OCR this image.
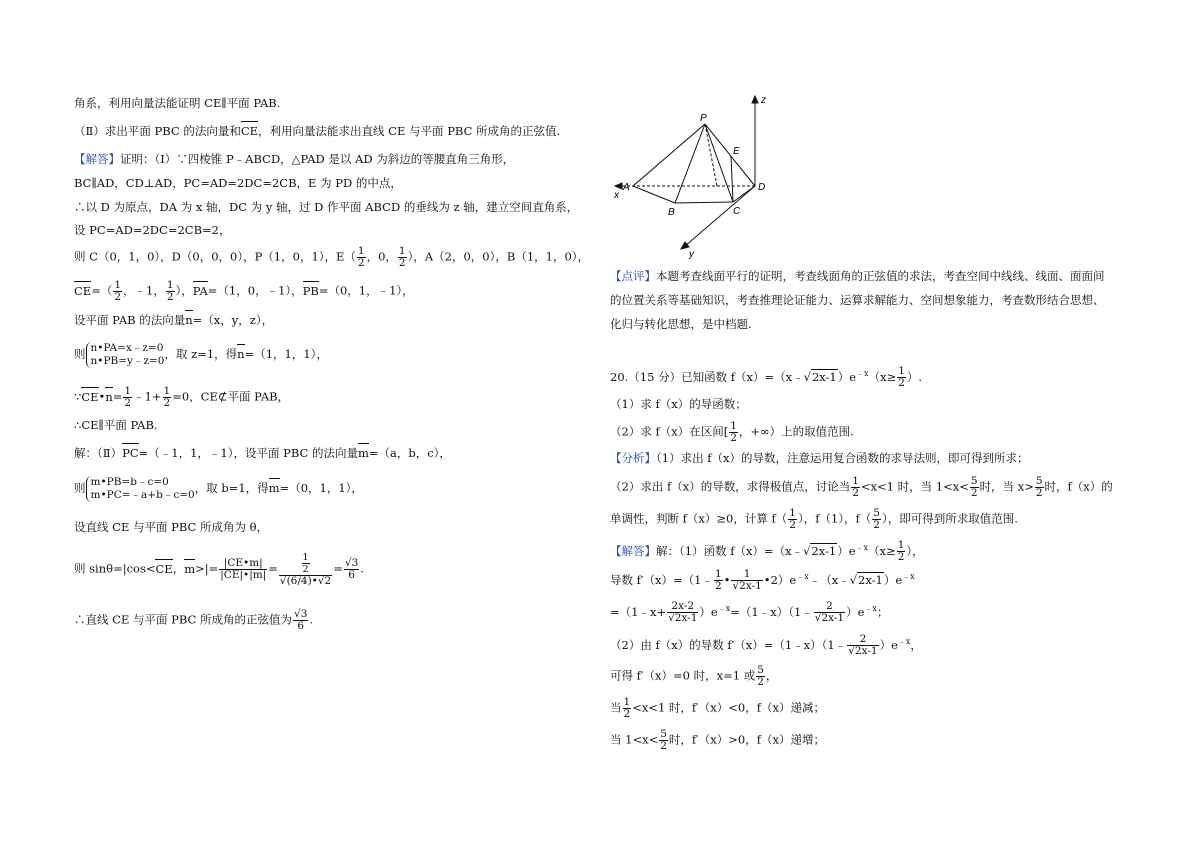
角系，利用向量法能证明 CE∥平面 PAB.
（Ⅱ）求出平面 PBC 的法向量和CE，利用向量法能求出直线 CE 与平面 PBC 所成角的正弦值.
【解答】证明：（Ⅰ）∵四棱锥 P﹣ABCD，△PAD 是以 AD 为斜边的等腰直角三角形，
BC∥AD，CD⊥AD，PC=AD=2DC=2CB，E 为 PD 的中点，
∴以 D 为原点，DA 为 x 轴，DC 为 y 轴，过 D 作平面 ABCD 的垂线为 z 轴，建立空间直角系，
设 PC=AD=2DC=2CB=2，
则 C（0，1，0），D（0，0，0），P（1，0，1），$E( \frac{1}{2}$ ，0， $\frac{1}{2}$ ），A（2，0，0），B（1，1，0），
$CE=( \frac{1}{2}$ ，﹣1， $\frac{1}{2}$ ），PA=（1，0，﹣1），PB=（0，1，﹣1），
设平面 PAB 的法向量n=（x，y，z），
则 n•PA=x﹣z=0
n•PB=y﹣z=0 ，取 z=1，得n=（1，1，1），
∵CE•n= $\frac{1}{2}$ ﹣1+ $\frac{1}{2} =0$，CE⊄平面 PAB，
∴CE∥平面 PAB.
解：（Ⅱ）PC=（﹣1，1，﹣1），设平面 PBC 的法向量m=（a，b，c），
则 m•PB=b﹣c=0
m•PC=﹣a+b﹣c=0 ，取 b=1，得m=（0，1，1），
设直线 CE 与平面 PBC 所成角为 θ，
则 sinθ=|cos<CE，$m>|= \frac{|CE•m|}{|CE|•|m|} = \frac{\frac{1}{2}}{√(6/4)•√2} = \frac{√3}{6}$ .
∴直线 CE 与平面 PBC 所成角的正弦值为 $\frac{√3}{6}$ .
P
E
A	D
B	C
x
y
z
【点评】本题考查线面平行的证明，考查线面角的正弦值的求法，考查空间中线线、线面、面面间
的位置关系等基础知识，考查推理论证能力、运算求解能力、空间想象能力，考查数形结合思想、
化归与转化思想，是中档题.
20.（15 分）已知函数 $f(x)=(x﹣√2x-1)e^{﹣x}(x\ge \frac{1}{2}$ ）.
（1）求 f（x）的导函数；
（2）求 f（x）在区间[ $\frac{1}{2}$ ，+∞）上的取值范围.
【分析】（1）求出 f（x）的导数，注意运用复合函数的求导法则，即可得到所求；
（2）求出 f（x）的导数，求得极值点，讨论当 $\frac{1}{2} <x<1$ 时，当 $1<x< \frac{5}{2}$ 时，当 $x> \frac{5}{2}$ 时，f（x）的
单调性，判断 f（x）≥0，计算 $f( \frac{1}{2}$ ），f（1），$f( \frac{5}{2}$ ），即可得到所求取值范围.
【解答】解：（1）函数 $f(x)=(x﹣√2x-1)e^{﹣x}(x\ge \frac{1}{2}$ ），
导数 f′（x）=（1﹣ $\frac{1}{2}$ • $\frac{1}{√2x-1}$ $•2)e^{﹣x}﹣(x﹣√2x-1)e^{﹣x}$
=（1﹣x+ $\frac{2x-2}{√2x-1}$ ）$e^{﹣x}=(1﹣x)(1﹣ \frac{2}{√2x-1} )e^{﹣x}$；
（2）由 f（x）的导数 f′（x）=（1﹣x）（1﹣ $\frac{2}{√2x-1} )e^{﹣x}$，
可得 f′（x）=0 时，x=1 或 $\frac{5}{2}$ ，
当 $\frac{1}{2} <x<1$ 时，f′（x）<0，f（x）递减；
当 $1<x< \frac{5}{2}$ 时，f′（x）>0，f（x）递增；
